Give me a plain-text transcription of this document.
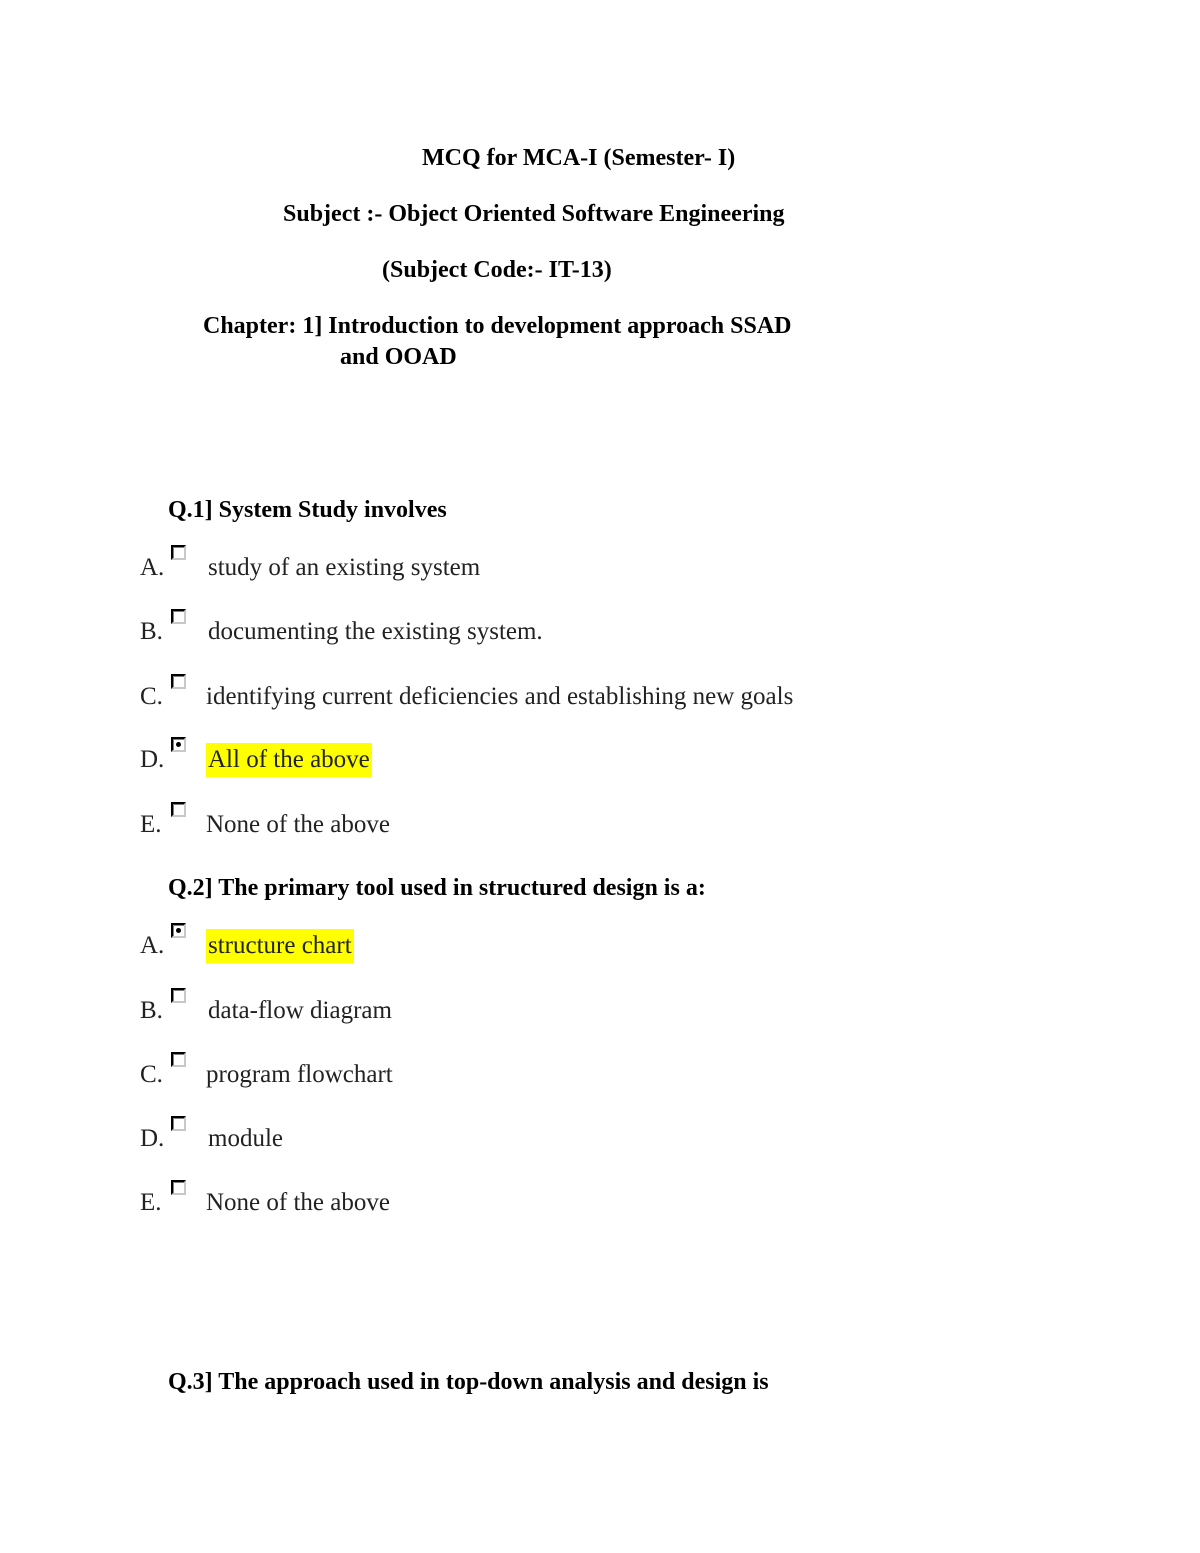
MCQ for MCA-I (Semester- I)
Subject :- Object Oriented Software Engineering
(Subject Code:- IT-13)
Chapter: 1] Introduction to development approach SSAD
and OOAD
Q.1] System Study involves
A. study of an existing system
B. documenting the existing system.
C. identifying current deficiencies and establishing new goals
D. All of the above
E. None of the above
Q.2] The primary tool used in structured design is a:
A. structure chart
B. data-flow diagram
C. program flowchart
D. module
E. None of the above
Q.3] The approach used in top-down analysis and design is
